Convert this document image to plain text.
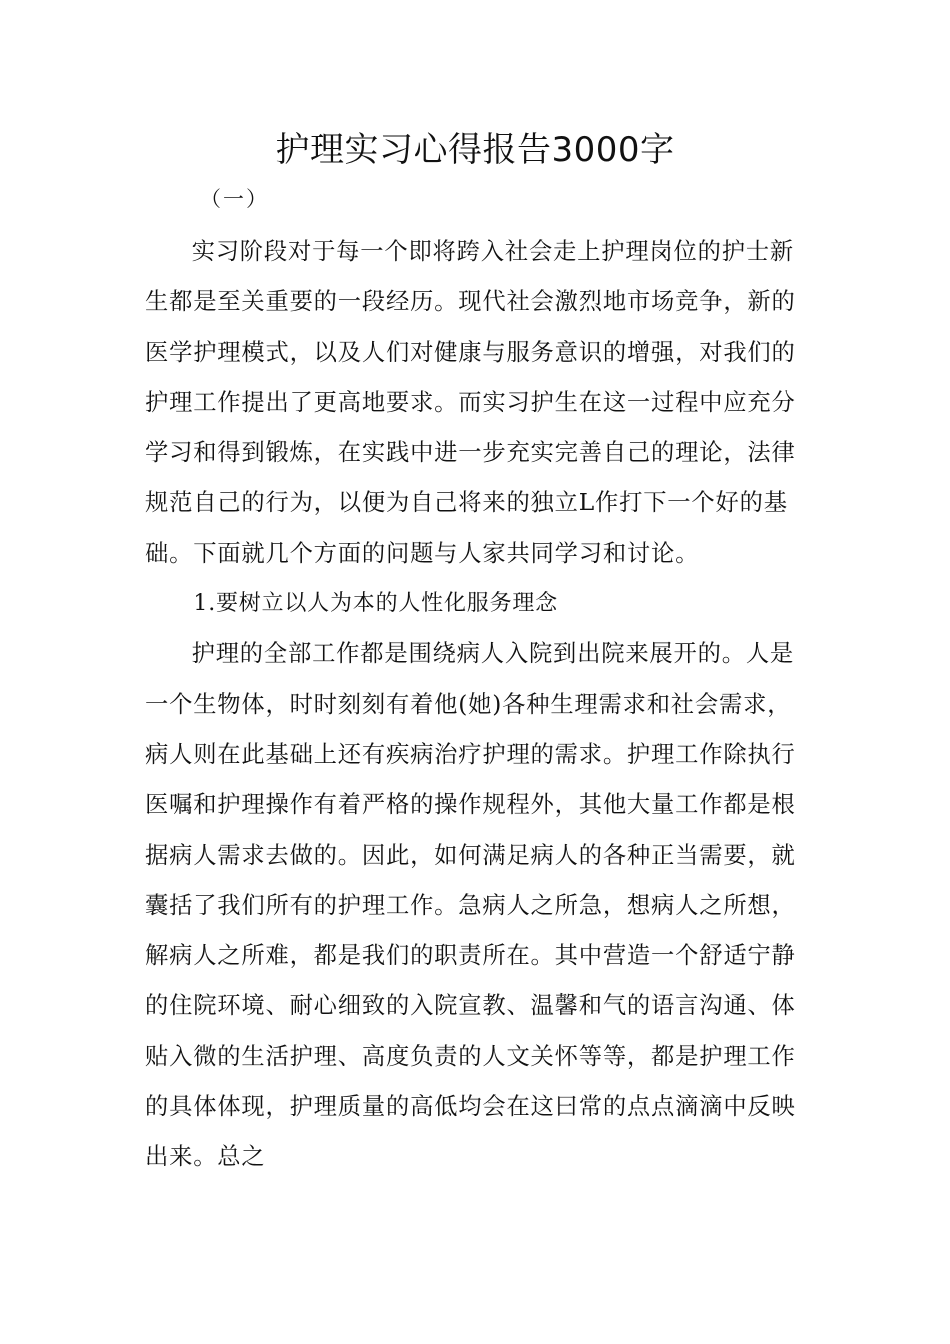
护理实习心得报告3000字
（一）

实习阶段对于每一个即将跨入社会走上护理岗位的护士新生都是至关重要的一段经历。现代社会激烈地市场竞争，新的医学护理模式，以及人们对健康与服务意识的增强，对我们的护理工作提出了更高地要求。而实习护生在这一过程中应充分学习和得到锻炼，在实践中进一步充实完善自己的理论，法律规范自己的行为，以便为自己将来的独立L作打下一个好的基础。下面就几个方面的问题与人家共同学习和讨论。

1.要树立以人为本的人性化服务理念

护理的全部工作都是围绕病人入院到出院来展开的。人是一个生物体，时时刻刻有着他(她)各种生理需求和社会需求，病人则在此基础上还有疾病治疗护理的需求。护理工作除执行医嘱和护理操作有着严格的操作规程外，其他大量工作都是根据病人需求去做的。因此，如何满足病人的各种正当需要，就囊括了我们所有的护理工作。急病人之所急，想病人之所想，解病人之所难，都是我们的职责所在。其中营造一个舒适宁静的住院环境、耐心细致的入院宣教、温馨和气的语言沟通、体贴入微的生活护理、高度负责的人文关怀等等，都是护理工作的具体体现，护理质量的高低均会在这曰常的点点滴滴中反映出来。总之
